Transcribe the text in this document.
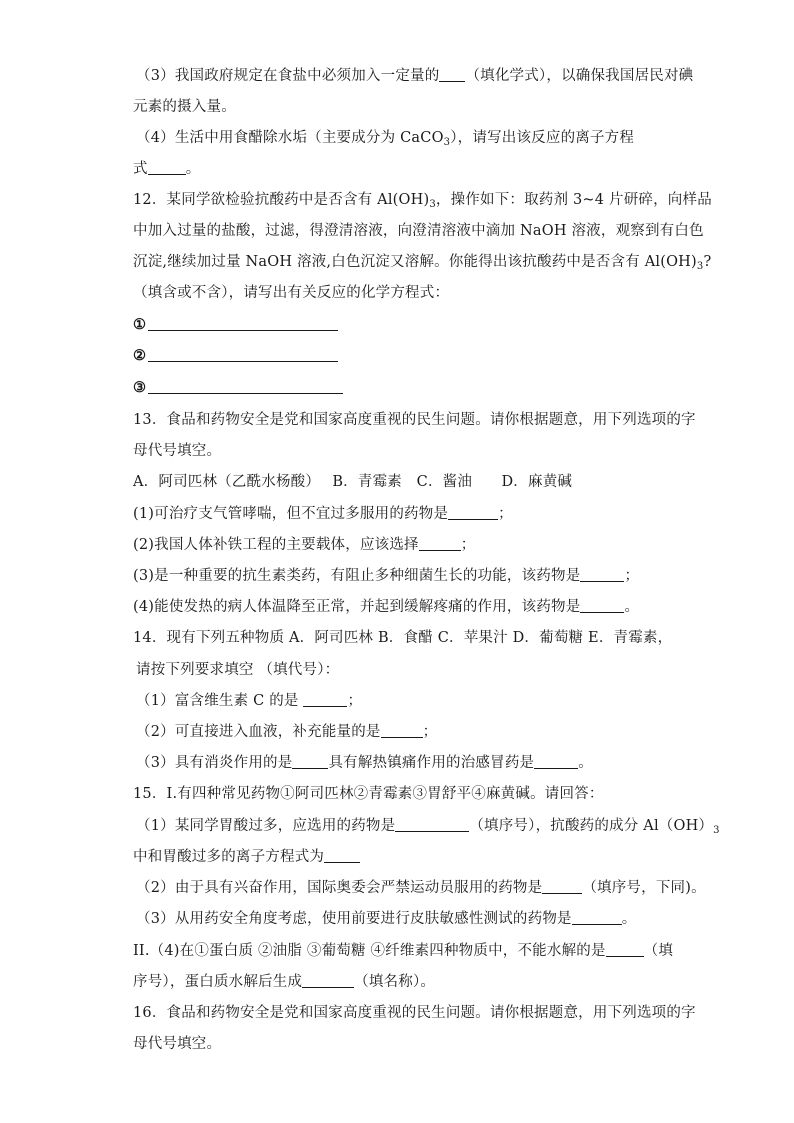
（3）我国政府规定在食盐中必须加入一定量的 （填化学式），以确保我国居民对碘
元素的摄入量。
（4）生活中用食醋除水垢（主要成分为 CaCO$_3$），请写出该反应的离子方程
式	。
12．某同学欲检验抗酸药中是否含有 $Al(OH)_3$，操作如下：取药剂 3~4 片研碎，向样品
中加入过量的盐酸，过滤，得澄清溶液，向澄清溶液中滴加 NaOH 溶液，观察到有白色
沉淀,继续加过量 NaOH 溶液,白色沉淀又溶解。你能得出该抗酸药中是否含有 $Al(OH)_3$?
（填含或不含），请写出有关反应的化学方程式：
①
②
③
13．食品和药物安全是党和国家高度重视的民生问题。请你根据题意，用下列选项的字
母代号填空。
A．阿司匹林（乙酰水杨酸）　 B．青霉素　C．酱油　　D．麻黄碱
(1)可治疗支气管哮喘，但不宜过多服用的药物是	；
(2)我国人体补铁工程的主要载体，应该选择	；
(3)是一种重要的抗生素类药，有阻止多种细菌生长的功能，该药物是	；
(4)能使发热的病人体温降至正常，并起到缓解疼痛的作用，该药物是	。
14．现有下列五种物质 A．阿司匹林 B．食醋 C．苹果汁 D．葡萄糖 E．青霉素，
请按下列要求填空 （填代号）：
（1）富含维生素 C 的是	；
（2）可直接进入血液，补充能量的是	；
（3）具有消炎作用的是 具有解热镇痛作用的治感冒药是	。
15．I.有四种常见药物①阿司匹林②青霉素③胃舒平④麻黄碱。请回答：
（1）某同学胃酸过多，应选用的药物是	（填序号），抗酸药的成分 $Al(OH)_3$
中和胃酸过多的离子方程式为
（2）由于具有兴奋作用，国际奥委会严禁运动员服用的药物是	（填序号，下同)。
（3）从用药安全角度考虑，使用前要进行皮肤敏感性测试的药物是	。
II.（4)在①蛋白质 ②油脂 ③葡萄糖 ④纤维素四种物质中，不能水解的是	（填
序号），蛋白质水解后生成	（填名称）。
16．食品和药物安全是党和国家高度重视的民生问题。请你根据题意，用下列选项的字
母代号填空。
